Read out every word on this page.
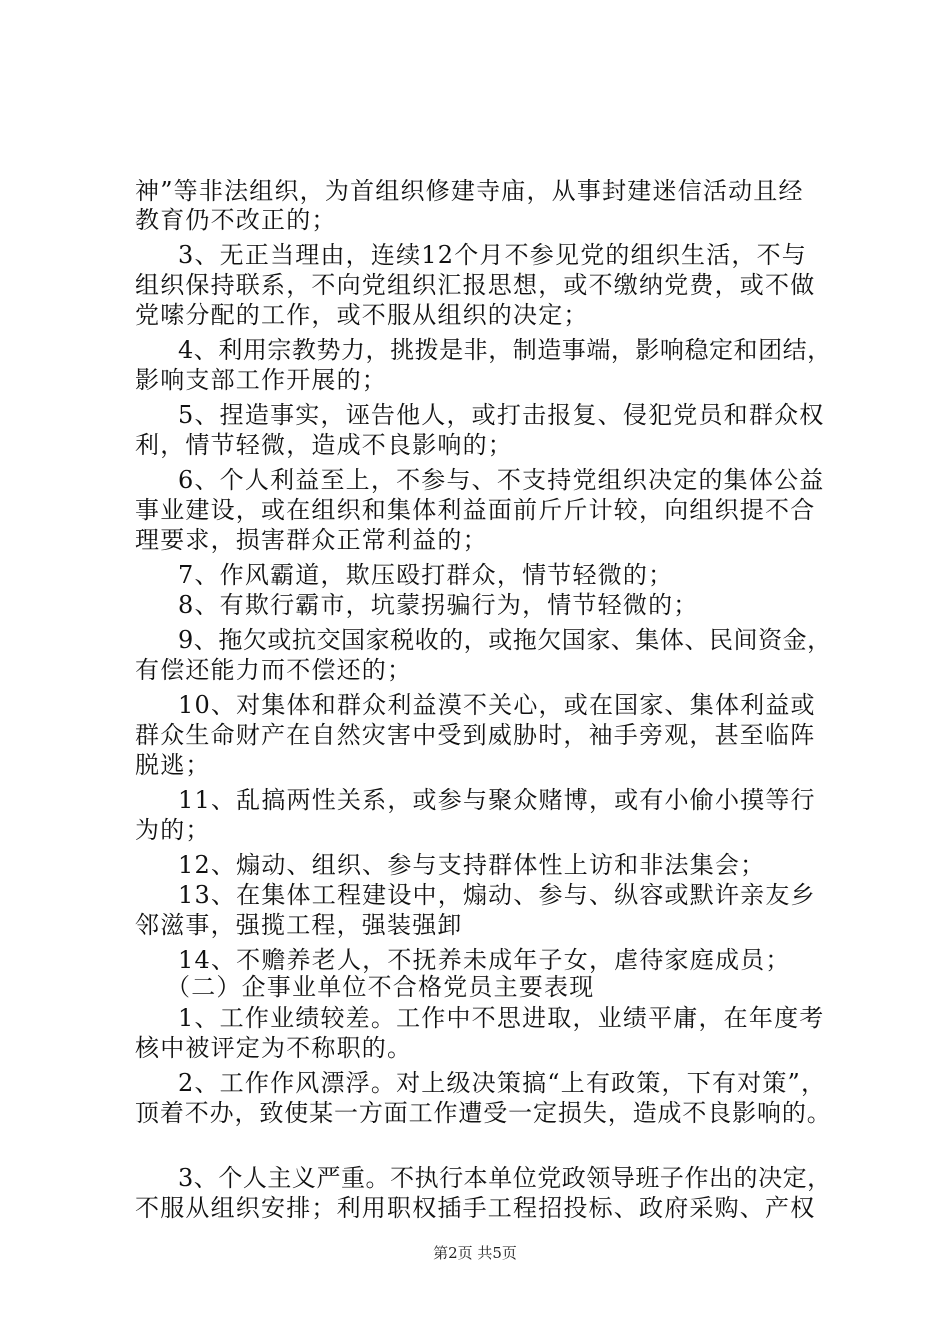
神”等非法组织，为首组织修建寺庙，从事封建迷信活动且经
教育仍不改正的；
3、无正当理由，连续12个月不参见党的组织生活，不与
组织保持联系，不向党组织汇报思想，或不缴纳党费，或不做
党嗦分配的工作，或不服从组织的决定；
4、利用宗教势力，挑拨是非，制造事端，影响稳定和团结，
影响支部工作开展的；
5、捏造事实，诬告他人，或打击报复、侵犯党员和群众权
利，情节轻微，造成不良影响的；
6、个人利益至上，不参与、不支持党组织决定的集体公益
事业建设，或在组织和集体利益面前斤斤计较，向组织提不合
理要求，损害群众正常利益的；
7、作风霸道，欺压殴打群众，情节轻微的；
8、有欺行霸市，坑蒙拐骗行为，情节轻微的；
9、拖欠或抗交国家税收的，或拖欠国家、集体、民间资金，
有偿还能力而不偿还的；
10、对集体和群众利益漠不关心，或在国家、集体利益或
群众生命财产在自然灾害中受到威胁时，袖手旁观，甚至临阵
脱逃；
11、乱搞两性关系，或参与聚众赌博，或有小偷小摸等行
为的；
12、煽动、组织、参与支持群体性上访和非法集会；
13、在集体工程建设中，煽动、参与、纵容或默许亲友乡
邻滋事，强揽工程，强装强卸
14、不赡养老人，不抚养未成年子女，虐待家庭成员；
（二）企事业单位不合格党员主要表现
1、工作业绩较差。工作中不思进取，业绩平庸，在年度考
核中被评定为不称职的。
2、工作作风漂浮。对上级决策搞“上有政策，下有对策”，
顶着不办，致使某一方面工作遭受一定损失，造成不良影响的。
3、个人主义严重。不执行本单位党政领导班子作出的决定，
不服从组织安排；利用职权插手工程招投标、政府采购、产权
第2页 共5页
